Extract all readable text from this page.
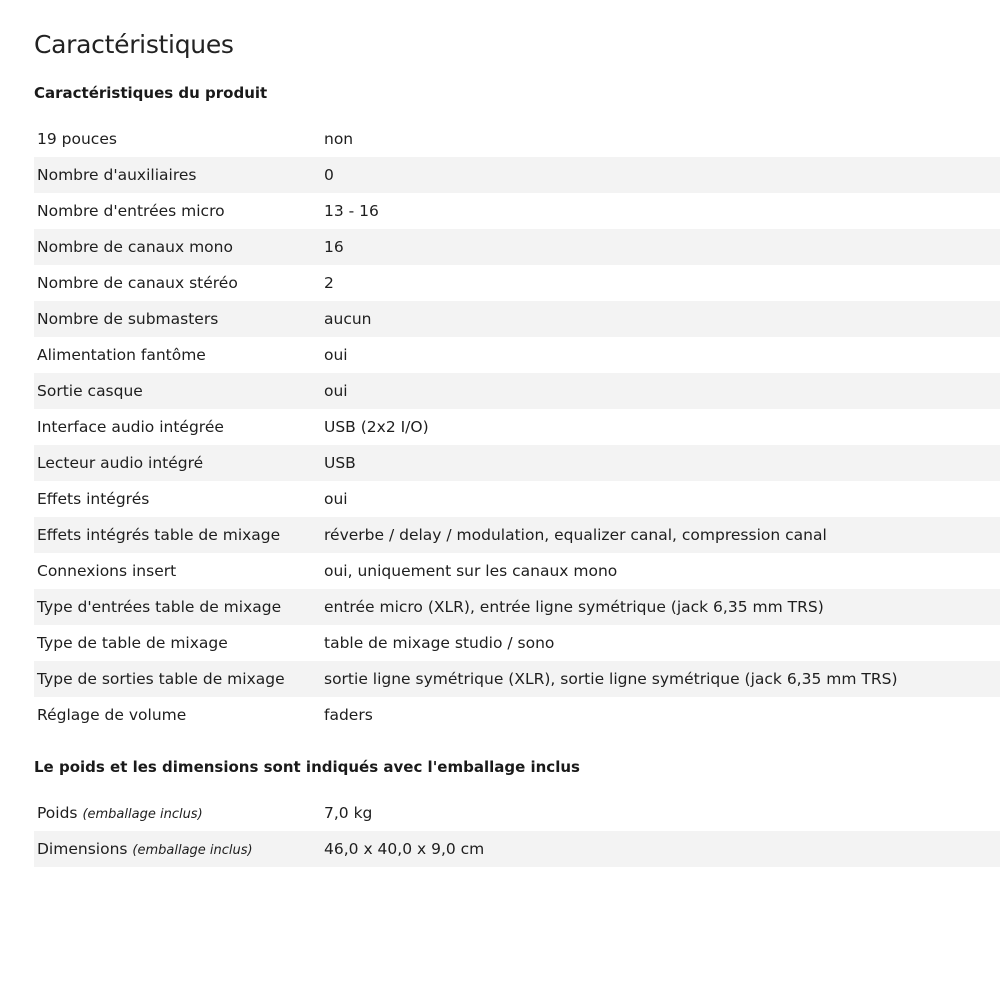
Caractéristiques
Caractéristiques du produit
19 pouces	non
Nombre d'auxiliaires	0
Nombre d'entrées micro	13 - 16
Nombre de canaux mono	16
Nombre de canaux stéréo	2
Nombre de submasters	aucun
Alimentation fantôme	oui
Sortie casque	oui
Interface audio intégrée	USB (2x2 I/O)
Lecteur audio intégré	USB
Effets intégrés	oui
Effets intégrés table de mixage	réverbe / delay / modulation, equalizer canal, compression canal
Connexions insert	oui, uniquement sur les canaux mono
Type d'entrées table de mixage	entrée micro (XLR), entrée ligne symétrique (jack 6,35 mm TRS)
Type de table de mixage	table de mixage studio / sono
Type de sorties table de mixage	sortie ligne symétrique (XLR), sortie ligne symétrique (jack 6,35 mm TRS)
Réglage de volume	faders
Le poids et les dimensions sont indiqués avec l'emballage inclus
Poids (emballage inclus)	7,0 kg
Dimensions (emballage inclus)	46,0 x 40,0 x 9,0 cm
